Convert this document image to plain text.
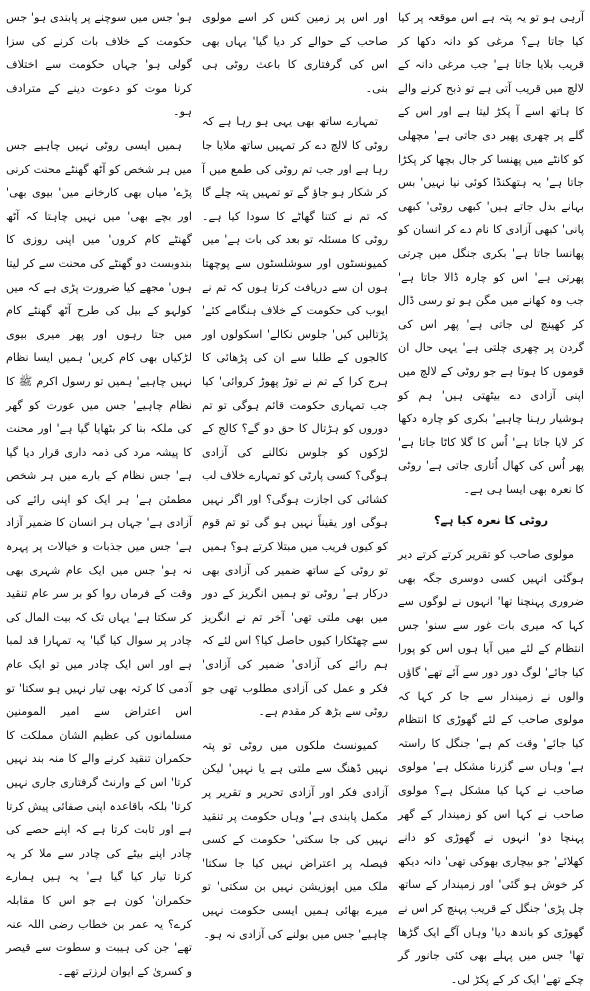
آرہی ہو تو یہ پتہ ہے اس موقعہ پر کیا کیا جاتا ہے؟ مرغی کو دانہ دکھا کر قریب بلایا جاتا ہے' جب مرغی دانہ کے لالچ میں قریب آتی ہے تو ذبح کرنے والے کا ہاتھ اسے آ پکڑ لیتا ہے اور اس کے گلے پر چھری پھیر دی جاتی ہے' مچھلی کو کانٹے میں پھنسا کر جال بچھا کر پکڑا جاتا ہے' یہ ہتھکنڈا کوئی نیا نہیں' بس بہانے بدل جاتے ہیں' کبھی روٹی' کبھی پانی' کبھی آزادی کا نام دے کر انسان کو پھانسا جاتا ہے' بکری جنگل میں چرتی پھرتی ہے' اس کو چارہ ڈالا جاتا ہے' جب وہ کھانے میں مگن ہو تو رسی ڈال کر کھینچ لی جاتی ہے' پھر اس کی گردن پر چھری چلتی ہے' یہی حال ان قوموں کا ہوتا ہے جو روٹی کے لالچ میں اپنی آزادی دے بیٹھتی ہیں' ہم کو ہوشیار رہنا چاہیے' بکری کو چارہ دکھا کر لایا جاتا ہے' اُس کا گلا کاٹا جاتا ہے' پھر اُس کی کھال اُتاری جاتی ہے' روٹی کا نعرہ بھی ایسا ہی ہے۔

روٹی کا نعرہ کیا ہے؟

مولوی صاحب کو تقریر کرتے کرتے دیر ہوگئی انہیں کسی دوسری جگہ بھی ضروری پہنچنا تھا' انہوں نے لوگوں سے کہا کہ میری بات غور سے سنو' جس انتظام کے لئے میں آیا ہوں اس کو پورا کیا جائے' لوگ دور دور سے آئے تھے' گاؤں والوں نے زمیندار سے جا کر کہا کہ مولوی صاحب کے لئے گھوڑی کا انتظام کیا جائے' وقت کم ہے' جنگل کا راستہ ہے' وہاں سے گزرنا مشکل ہے' مولوی صاحب نے کہا کیا مشکل ہے؟ مولوی صاحب نے کہا اس کو زمیندار کے گھر پہنچا دو' انہوں نے گھوڑی کو دانے کھلائے' جو بیچاری بھوکی تھی' دانہ دیکھ کر خوش ہو گئی' اور زمیندار کے ساتھ چل پڑی' جنگل کے قریب پہنچ کر اس نے گھوڑی کو باندھ دیا' وہاں آگے ایک گڑھا تھا' جس میں پہلے بھی کئی جانور گر چکے تھے' ایک کر کے پکڑ لی۔

اور اس پر زمین کس کر اسے مولوی صاحب کے حوالے کر دیا گیا' یہاں بھی اس کی گرفتاری کا باعث روٹی ہی بنی۔

تمہارے ساتھ بھی یہی ہو رہا ہے کہ روٹی کا لالچ دے کر تمہیں ساتھ ملایا جا رہا ہے اور جب تم روٹی کی طمع میں آ کر شکار ہو جاؤ گے تو تمہیں پتہ چلے گا کہ تم نے کتنا گھاٹے کا سودا کیا ہے۔ روٹی کا مسئلہ تو بعد کی بات ہے' میں کمیونسٹوں اور سوشلسٹوں سے پوچھتا ہوں ان سے دریافت کرتا ہوں کہ تم نے ایوب کی حکومت کے خلاف ہنگامے کئے' پڑتالیں کیں' جلوس نکالے' اسکولوں اور کالجوں کے طلبا سے ان کی پڑھائی کا ہرج کرا کے تم نے توڑ پھوڑ کروائی' کیا جب تمہاری حکومت قائم ہوگی تو تم دوروں کو ہڑتال کا حق دو گے؟ کالج کے لڑکوں کو جلوس نکالنے کی آزادی ہوگی؟ کسی پارٹی کو تمہارے خلاف لب کشائی کی اجازت ہوگی؟ اور اگر نہیں ہوگی اور یقیناً نہیں ہو گی تو تم قوم کو کیوں فریب میں مبتلا کرتے ہو؟ ہمیں تو روٹی کے ساتھ ضمیر کی آزادی بھی درکار ہے' روٹی تو ہمیں انگریز کے دور میں بھی ملتی تھی' آخر تم نے انگریز سے چھٹکارا کیوں حاصل کیا؟ اس لئے کہ ہم رائے کی آزادی' ضمیر کی آزادی' فکر و عمل کی آزادی مطلوب تھی جو روٹی سے بڑھ کر مقدم ہے۔

کمیونسٹ ملکوں میں روٹی تو پتہ نہیں ڈھنگ سے ملتی ہے یا نہیں' لیکن آزادی فکر اور آزادی تحریر و تقریر پر مکمل پابندی ہے' وہاں حکومت پر تنقید نہیں کی جا سکتی' حکومت کے کسی فیصلہ پر اعتراض نہیں کیا جا سکتا' ملک میں اپوزیشن نہیں بن سکتی' تو میرے بھائی ہمیں ایسی حکومت نہیں چاہیے' جس میں بولنے کی آزادی نہ ہو۔

ہو' جس میں سوچنے پر پابندی ہو' جس حکومت کے خلاف بات کرنے کی سزا گولی ہو' جہاں حکومت سے اختلاف کرنا موت کو دعوت دینے کے مترادف ہو۔

ہمیں ایسی روٹی نہیں چاہیے جس میں ہر شخص کو آٹھ گھنٹے محنت کرنی پڑے' میاں بھی کارخانے میں' بیوی بھی' اور بچے بھی' میں نہیں چاہتا کہ آٹھ گھنٹے کام کروں' میں اپنی روزی کا بندوبست دو گھنٹے کی محنت سے کر لیتا ہوں' مجھے کیا ضرورت پڑی ہے کہ میں کولہو کے بیل کی طرح آٹھ گھنٹے کام میں جتا رہوں اور پھر میری بیوی لڑکیاں بھی کام کریں' ہمیں ایسا نظام نہیں چاہیے' ہمیں تو رسول اکرم ﷺ کا نظام چاہیے' جس میں عورت کو گھر کی ملکہ بنا کر بٹھایا گیا ہے' اور محنت کا پیشہ مرد کی ذمہ داری قرار دیا گیا ہے' جس نظام کے بارے میں ہر شخص مطمئن ہے' ہر ایک کو اپنی رائے کی آزادی ہے' جہاں ہر انسان کا ضمیر آزاد ہے' جس میں جذبات و خیالات پر پہرہ نہ ہو' جس میں ایک عام شہری بھی وقت کے فرماں روا کو بر سر عام تنقید کر سکتا ہے' یہاں تک کہ بیت المال کی چادر پر سوال کیا گیا' یہ تمہارا قد لمبا ہے اور اس ایک چادر میں تو ایک عام آدمی کا کرتہ بھی تیار نہیں ہو سکتا' تو اس اعتراض سے امیر المومنین مسلمانوں کی عظیم الشان مملکت کا حکمران تنقید کرنے والے کا منہ بند نہیں کرتا' اس کے وارنٹ گرفتاری جاری نہیں کرتا' بلکہ باقاعدہ اپنی صفائی پیش کرتا ہے اور ثابت کرتا ہے کہ اپنے حصے کی چادر اپنے بیٹے کی چادر سے ملا کر یہ کرتا تیار کیا گیا ہے' یہ ہیں ہمارے حکمران' کون ہے جو اس کا مقابلہ کرے؟ یہ عمر بن خطاب رضی اللہ عنہ تھے' جن کی ہیبت و سطوت سے قیصر و کسریٰ کے ایوان لرزتے تھے۔
